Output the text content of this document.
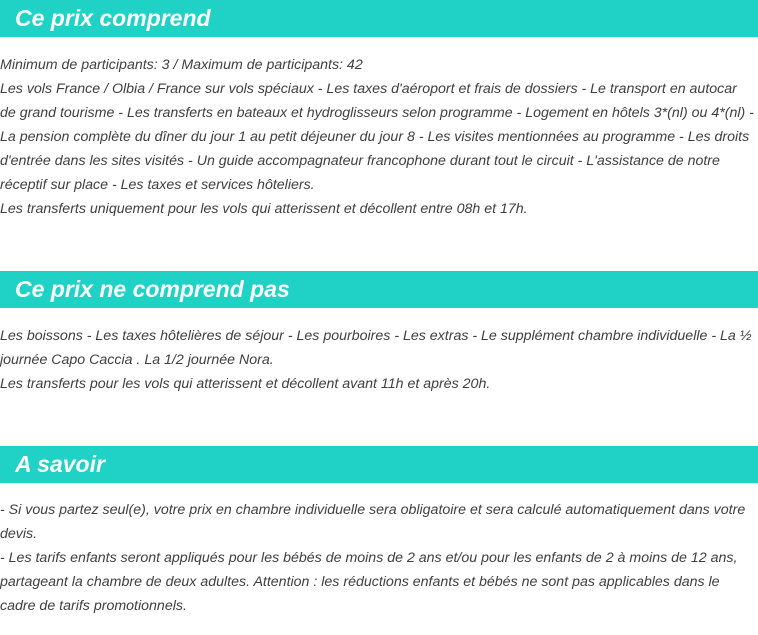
Ce prix comprend

Minimum de participants: 3 / Maximum de participants: 42

Les vols France / Olbia / France sur vols spéciaux - Les taxes d'aéroport et frais de dossiers - Le transport en autocar de grand tourisme - Les transferts en bateaux et hydroglisseurs selon programme - Logement en hôtels 3*(nl) ou 4*(nl) - La pension complète du dîner du jour 1 au petit déjeuner du jour 8 - Les visites mentionnées au programme - Les droits d'entrée dans les sites visités - Un guide accompagnateur francophone durant tout le circuit - L'assistance de notre réceptif sur place - Les taxes et services hôteliers.

Les transferts uniquement pour les vols qui atterissent et décollent entre 08h et 17h.

Ce prix ne comprend pas

Les boissons - Les taxes hôtelières de séjour - Les pourboires - Les extras - Le supplément chambre individuelle - La ½ journée Capo Caccia . La 1/2 journée Nora.

Les transferts pour les vols qui atterissent et décollent avant 11h et après 20h.

A savoir

- Si vous partez seul(e), votre prix en chambre individuelle sera obligatoire et sera calculé automatiquement dans votre devis.

- Les tarifs enfants seront appliqués pour les bébés de moins de 2 ans et/ou pour les enfants de 2 à moins de 12 ans, partageant la chambre de deux adultes. Attention : les réductions enfants et bébés ne sont pas applicables dans le cadre de tarifs promotionnels.
